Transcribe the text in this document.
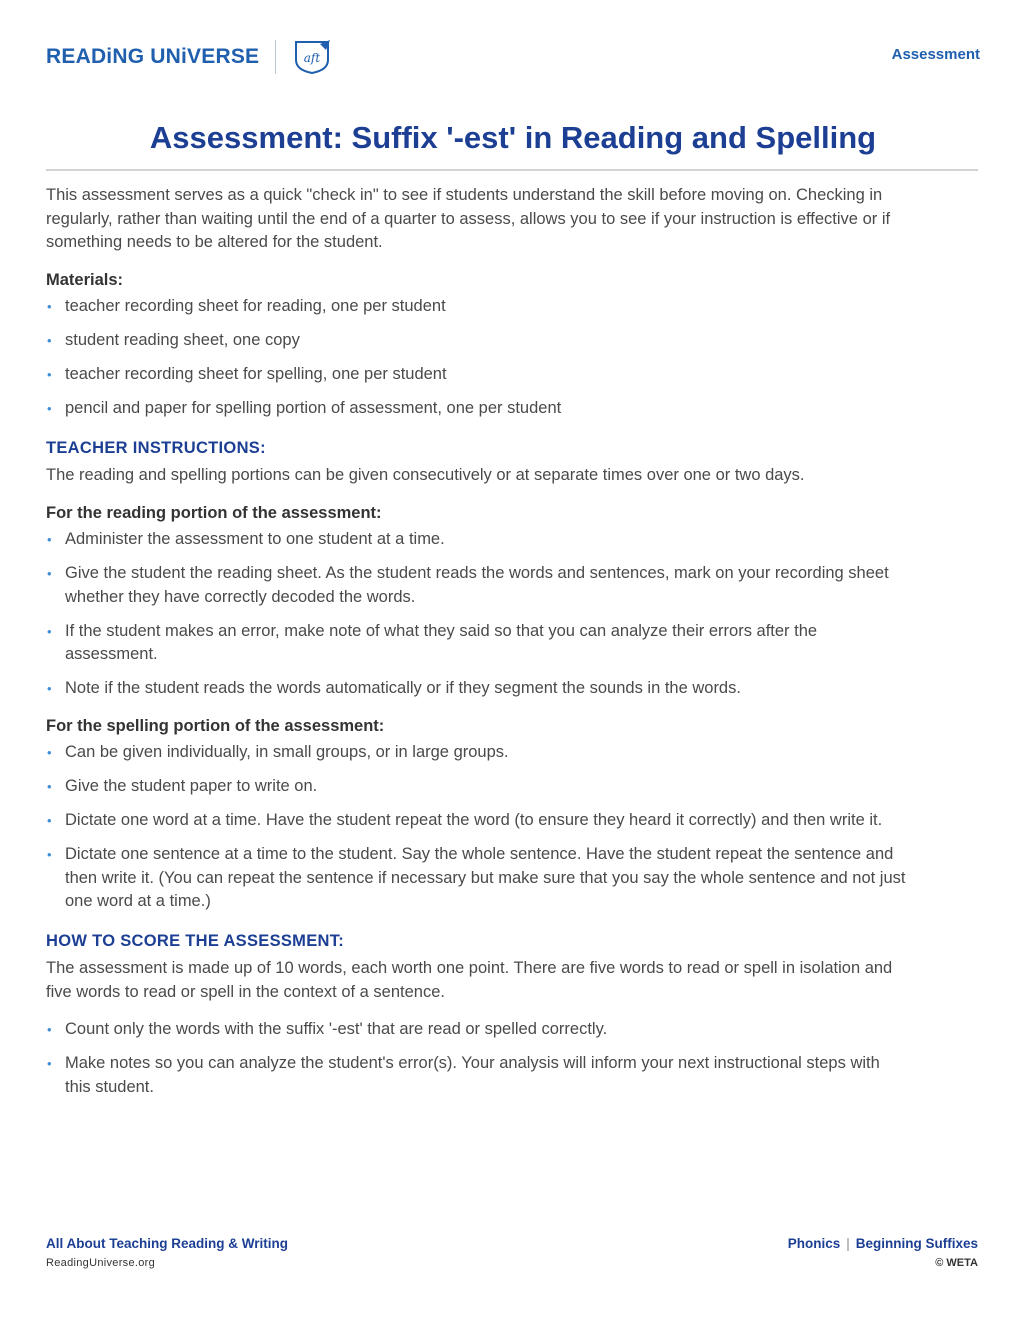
READiNG UNiVERSE	aft	Assessment
Assessment: Suffix '-est' in Reading and Spelling

This assessment serves as a quick "check in" to see if students understand the skill before moving on. Checking in regularly, rather than waiting until the end of a quarter to assess, allows you to see if your instruction is effective or if something needs to be altered for the student.

Materials:

• teacher recording sheet for reading, one per student
• student reading sheet, one copy
• teacher recording sheet for spelling, one per student
• pencil and paper for spelling portion of assessment, one per student

TEACHER INSTRUCTIONS:

The reading and spelling portions can be given consecutively or at separate times over one or two days.

For the reading portion of the assessment:

• Administer the assessment to one student at a time.
• Give the student the reading sheet. As the student reads the words and sentences, mark on your recording sheet whether they have correctly decoded the words.
• If the student makes an error, make note of what they said so that you can analyze their errors after the assessment.
• Note if the student reads the words automatically or if they segment the sounds in the words.

For the spelling portion of the assessment:

• Can be given individually, in small groups, or in large groups.
• Give the student paper to write on.
• Dictate one word at a time. Have the student repeat the word (to ensure they heard it correctly) and then write it.
• Dictate one sentence at a time to the student. Say the whole sentence. Have the student repeat the sentence and then write it. (You can repeat the sentence if necessary but make sure that you say the whole sentence and not just one word at a time.)

HOW TO SCORE THE ASSESSMENT:

The assessment is made up of 10 words, each worth one point. There are five words to read or spell in isolation and five words to read or spell in the context of a sentence.

• Count only the words with the suffix '-est' that are read or spelled correctly.
• Make notes so you can analyze the student's error(s). Your analysis will inform your next instructional steps with this student.
All About Teaching Reading & Writing
ReadingUniverse.org
Phonics | Beginning Suffixes
© WETA
